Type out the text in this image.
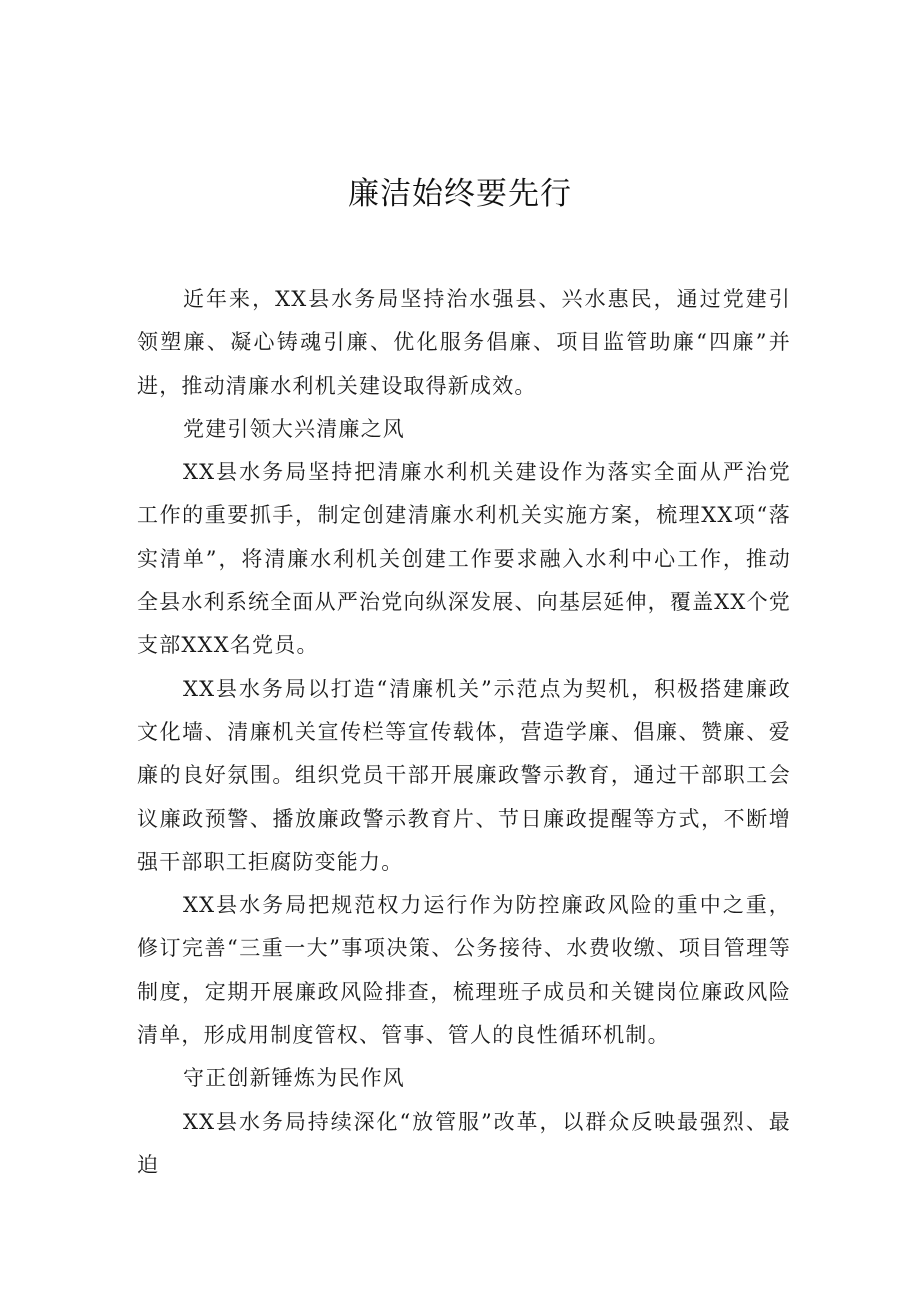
廉洁始终要先行

近年来，XX县水务局坚持治水强县、兴水惠民，通过党建引领塑廉、凝心铸魂引廉、优化服务倡廉、项目监管助廉“四廉”并进，推动清廉水利机关建设取得新成效。

党建引领大兴清廉之风

XX县水务局坚持把清廉水利机关建设作为落实全面从严治党工作的重要抓手，制定创建清廉水利机关实施方案，梳理XX项“落实清单”，将清廉水利机关创建工作要求融入水利中心工作，推动全县水利系统全面从严治党向纵深发展、向基层延伸，覆盖XX个党支部XXX名党员。

XX县水务局以打造“清廉机关”示范点为契机，积极搭建廉政文化墙、清廉机关宣传栏等宣传载体，营造学廉、倡廉、赞廉、爱廉的良好氛围。组织党员干部开展廉政警示教育，通过干部职工会议廉政预警、播放廉政警示教育片、节日廉政提醒等方式，不断增强干部职工拒腐防变能力。

XX县水务局把规范权力运行作为防控廉政风险的重中之重，修订完善“三重一大”事项决策、公务接待、水费收缴、项目管理等制度，定期开展廉政风险排查，梳理班子成员和关键岗位廉政风险清单，形成用制度管权、管事、管人的良性循环机制。

守正创新锤炼为民作风

XX县水务局持续深化“放管服”改革，以群众反映最强烈、最迫
